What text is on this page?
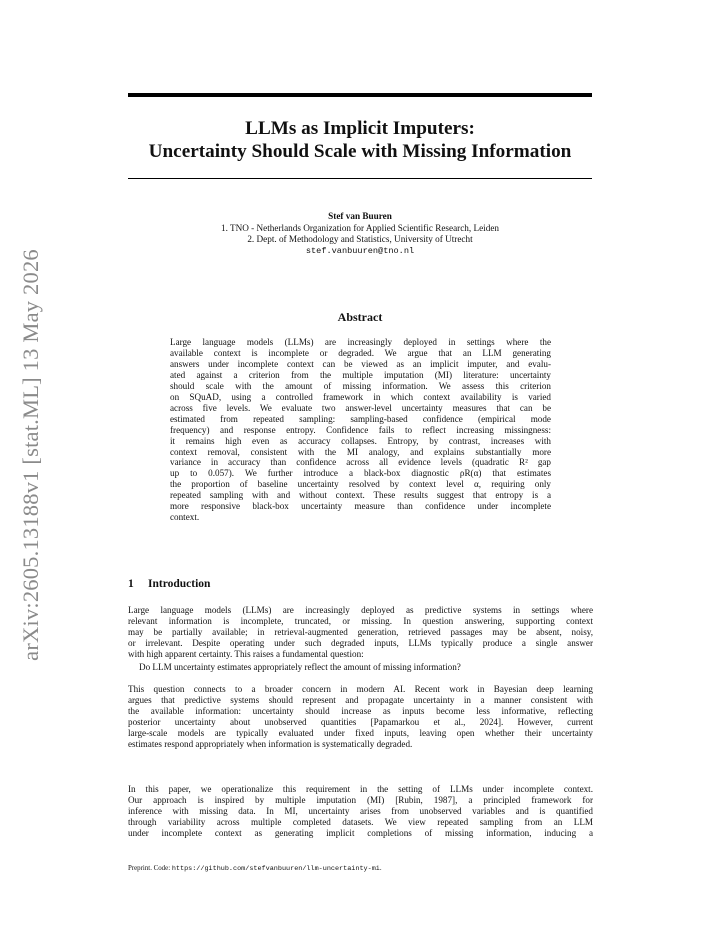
arXiv:2605.13188v1 [stat.ML] 13 May 2026
LLMs as Implicit Imputers:
Uncertainty Should Scale with Missing Information
Stef van Buuren
1. TNO - Netherlands Organization for Applied Scientific Research, Leiden
2. Dept. of Methodology and Statistics, University of Utrecht
stef.vanbuuren@tno.nl
Abstract
Large language models (LLMs) are increasingly deployed in settings where the
available context is incomplete or degraded. We argue that an LLM generating
answers under incomplete context can be viewed as an implicit imputer, and evalu-
ated against a criterion from the multiple imputation (MI) literature: uncertainty
should scale with the amount of missing information. We assess this criterion
on SQuAD, using a controlled framework in which context availability is varied
across five levels. We evaluate two answer-level uncertainty measures that can be
estimated from repeated sampling: sampling-based confidence (empirical mode
frequency) and response entropy. Confidence fails to reflect increasing missingness:
it remains high even as accuracy collapses. Entropy, by contrast, increases with
context removal, consistent with the MI analogy, and explains substantially more
variance in accuracy than confidence across all evidence levels (quadratic R² gap
up to 0.057). We further introduce a black-box diagnostic ρR(α) that estimates
the proportion of baseline uncertainty resolved by context level α, requiring only
repeated sampling with and without context. These results suggest that entropy is a
more responsive black-box uncertainty measure than confidence under incomplete
context.
1 Introduction
Large language models (LLMs) are increasingly deployed as predictive systems in settings where
relevant information is incomplete, truncated, or missing. In question answering, supporting context
may be partially available; in retrieval-augmented generation, retrieved passages may be absent, noisy,
or irrelevant. Despite operating under such degraded inputs, LLMs typically produce a single answer
with high apparent certainty. This raises a fundamental question:
Do LLM uncertainty estimates appropriately reflect the amount of missing information?
This question connects to a broader concern in modern AI. Recent work in Bayesian deep learning
argues that predictive systems should represent and propagate uncertainty in a manner consistent with
the available information: uncertainty should increase as inputs become less informative, reflecting
posterior uncertainty about unobserved quantities [Papamarkou et al., 2024]. However, current
large-scale models are typically evaluated under fixed inputs, leaving open whether their uncertainty
estimates respond appropriately when information is systematically degraded.
In this paper, we operationalize this requirement in the setting of LLMs under incomplete context.
Our approach is inspired by multiple imputation (MI) [Rubin, 1987], a principled framework for
inference with missing data. In MI, uncertainty arises from unobserved variables and is quantified
through variability across multiple completed datasets. We view repeated sampling from an LLM
under incomplete context as generating implicit completions of missing information, inducing a
Preprint. Code: https://github.com/stefvanbuuren/llm-uncertainty-mi.
